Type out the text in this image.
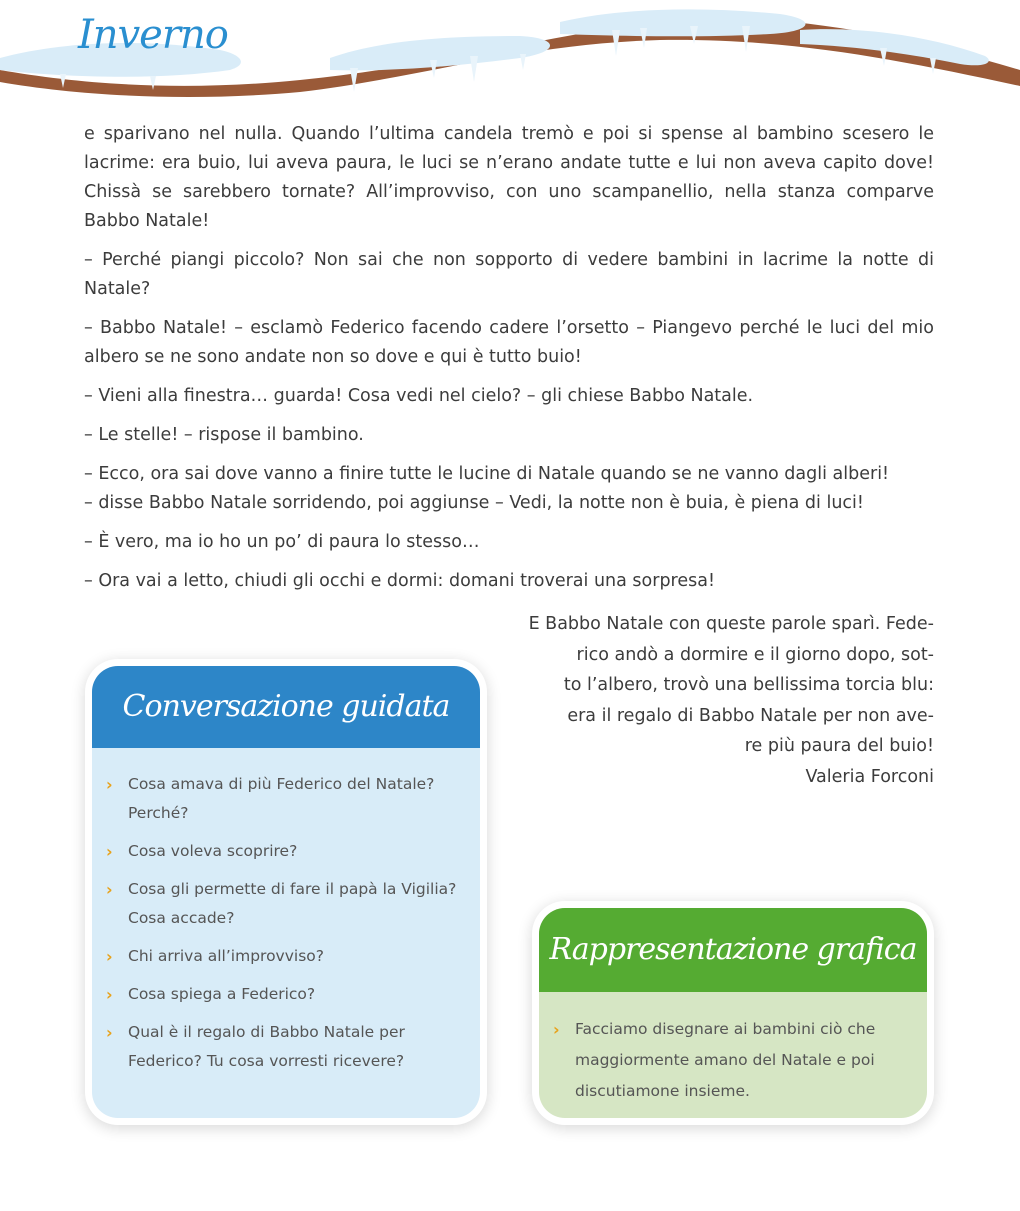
Inverno

e sparivano nel nulla. Quando l’ultima candela tremò e poi si spense al bambino scesero le lacrime: era buio, lui aveva paura, le luci se n’erano andate tutte e lui non aveva capito dove! Chissà se sarebbero tornate? All’improvviso, con uno scampanellio, nella stanza comparve Babbo Natale!

– Perché piangi piccolo? Non sai che non sopporto di vedere bambini in lacrime la notte di Natale?

– Babbo Natale! – esclamò Federico facendo cadere l’orsetto – Piangevo perché le luci del mio albero se ne sono andate non so dove e qui è tutto buio!

– Vieni alla finestra… guarda! Cosa vedi nel cielo? – gli chiese Babbo Natale.

– Le stelle! – rispose il bambino.

– Ecco, ora sai dove vanno a finire tutte le lucine di Natale quando se ne vanno dagli alberi!

– disse Babbo Natale sorridendo, poi aggiunse – Vedi, la notte non è buia, è piena di luci!

– È vero, ma io ho un po’ di paura lo stesso…

– Ora vai a letto, chiudi gli occhi e dormi: domani troverai una sorpresa!

E Babbo Natale con queste parole sparì. Fede-
rico andò a dormire e il giorno dopo, sot-
to l’albero, trovò una bellissima torcia blu:
era il regalo di Babbo Natale per non ave-
re più paura del buio!
Valeria Forconi
Conversazione guidata
› Cosa amava di più Federico del Natale? Perché?
› Cosa voleva scoprire?
› Cosa gli permette di fare il papà la Vigilia? Cosa accade?
› Chi arriva all’improvviso?
› Cosa spiega a Federico?
› Qual è il regalo di Babbo Natale per Federico? Tu cosa vorresti ricevere?
Rappresentazione grafica
› Facciamo disegnare ai bambini ciò che maggiormente amano del Natale e poi discutiamone insieme.
